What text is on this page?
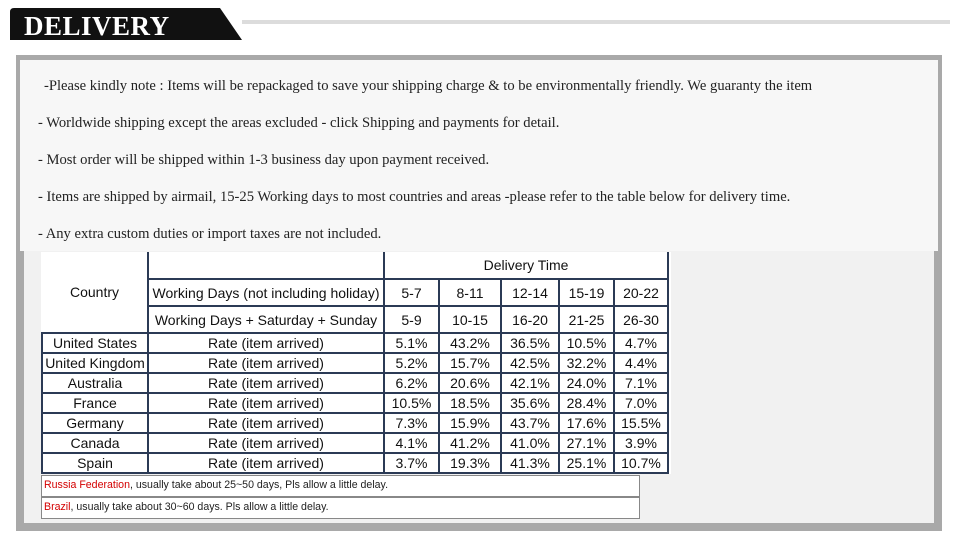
DELIVERY
-Please kindly note : Items will be repackaged to save your shipping charge & to be environmentally friendly. We guaranty the item
- Worldwide shipping except the areas excluded - click Shipping and payments for detail.
- Most order will be shipped within 1-3 business day upon payment received.
- Items are shipped by airmail, 15-25 Working days to most countries and areas -please refer to the table below for delivery time.
- Any extra custom duties or import taxes are not included.
Country		Delivery Time				
	Working Days (not including holiday)	5-7	8-11	12-14	15-19	20-22
	Working Days + Saturday + Sunday	5-9	10-15	16-20	21-25	26-30
United States	Rate (item arrived)	5.1%	43.2%	36.5%	10.5%	4.7%
United Kingdom	Rate (item arrived)	5.2%	15.7%	42.5%	32.2%	4.4%
Australia	Rate (item arrived)	6.2%	20.6%	42.1%	24.0%	7.1%
France	Rate (item arrived)	10.5%	18.5%	35.6%	28.4%	7.0%
Germany	Rate (item arrived)	7.3%	15.9%	43.7%	17.6%	15.5%
Canada	Rate (item arrived)	4.1%	41.2%	41.0%	27.1%	3.9%
Spain	Rate (item arrived)	3.7%	19.3%	41.3%	25.1%	10.7%
Russia Federation, usually take about 25~50 days, Pls allow a little delay.
Brazil, usually take about 30~60 days. Pls allow a little delay.
